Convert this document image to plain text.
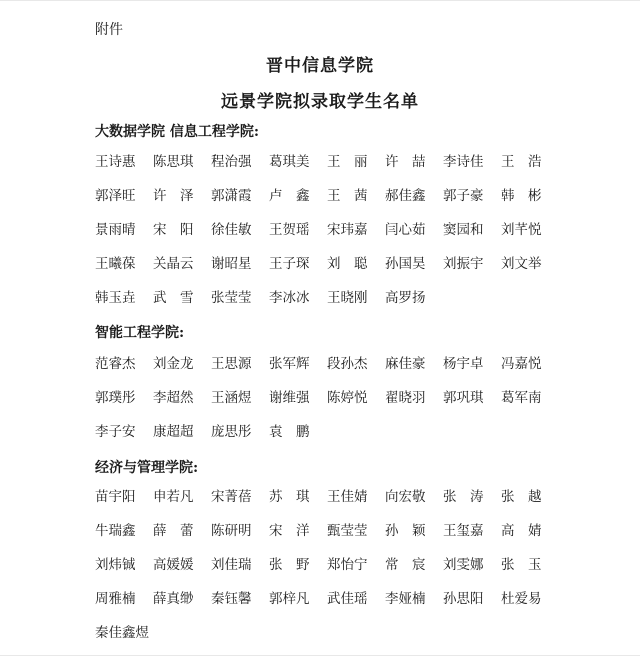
附件
晋中信息学院
远景学院拟录取学生名单
大数据学院 信息工程学院:
王诗惠	陈思琪	程治强	葛琪美	王　丽	许　喆	李诗佳	王　浩
郭泽旺	许　泽	郭潇霞	卢　鑫	王　茜	郝佳鑫	郭子豪	韩　彬
景雨晴	宋　阳	徐佳敏	王贺瑶	宋玮嘉	闫心茹	窦园和	刘芊悦
王曦葆	关晶云	谢昭星	王子琛	刘　聪	孙国昊	刘振宇	刘文举
韩玉垚	武　雪	张莹莹	李冰冰	王晓刚	高罗扬
智能工程学院:
范睿杰	刘金龙	王思源	张军辉	段孙杰	麻佳豪	杨宇卓	冯嘉悦
郭璞彤	李超然	王涵煜	谢维强	陈婷悦	翟晓羽	郭巩琪	葛军南
李子安	康超超	庞思彤	袁　鹏
经济与管理学院:
苗宇阳	申若凡	宋菁蓓	苏　琪	王佳婧	向宏敬	张　涛	张　越
牛瑞鑫	薛　蕾	陈研明	宋　洋	甄莹莹	孙　颖	王玺嘉	高　婧
刘炜铖	高媛媛	刘佳瑞	张　野	郑怡宁	常　宸	刘雯娜	张　玉
周雅楠	薛真缈	秦钰馨	郭梓凡	武佳瑶	李娅楠	孙思阳	杜爱易
秦佳鑫煜
